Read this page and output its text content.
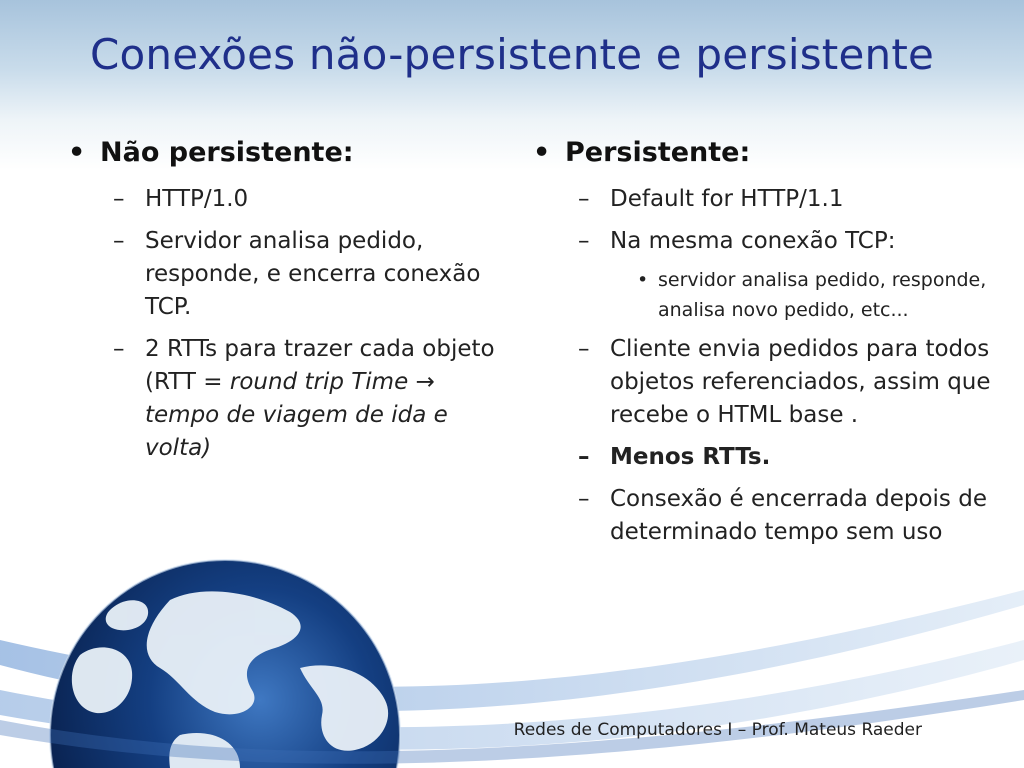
Conexões não-persistente e persistente
• Não persistente:
– HTTP/1.0
– Servidor analisa pedido, responde, e encerra conexão TCP.
– 2 RTTs para trazer cada objeto (RTT = round trip Time → tempo de viagem de ida e volta)
• Persistente:
– Default for HTTP/1.1
– Na mesma conexão TCP:
• servidor analisa pedido, responde, analisa novo pedido, etc...
– Cliente envia pedidos para todos objetos referenciados, assim que recebe o HTML base .
– Menos RTTs.
– Consexão é encerrada depois de determinado tempo sem uso
Redes de Computadores I – Prof. Mateus Raeder
